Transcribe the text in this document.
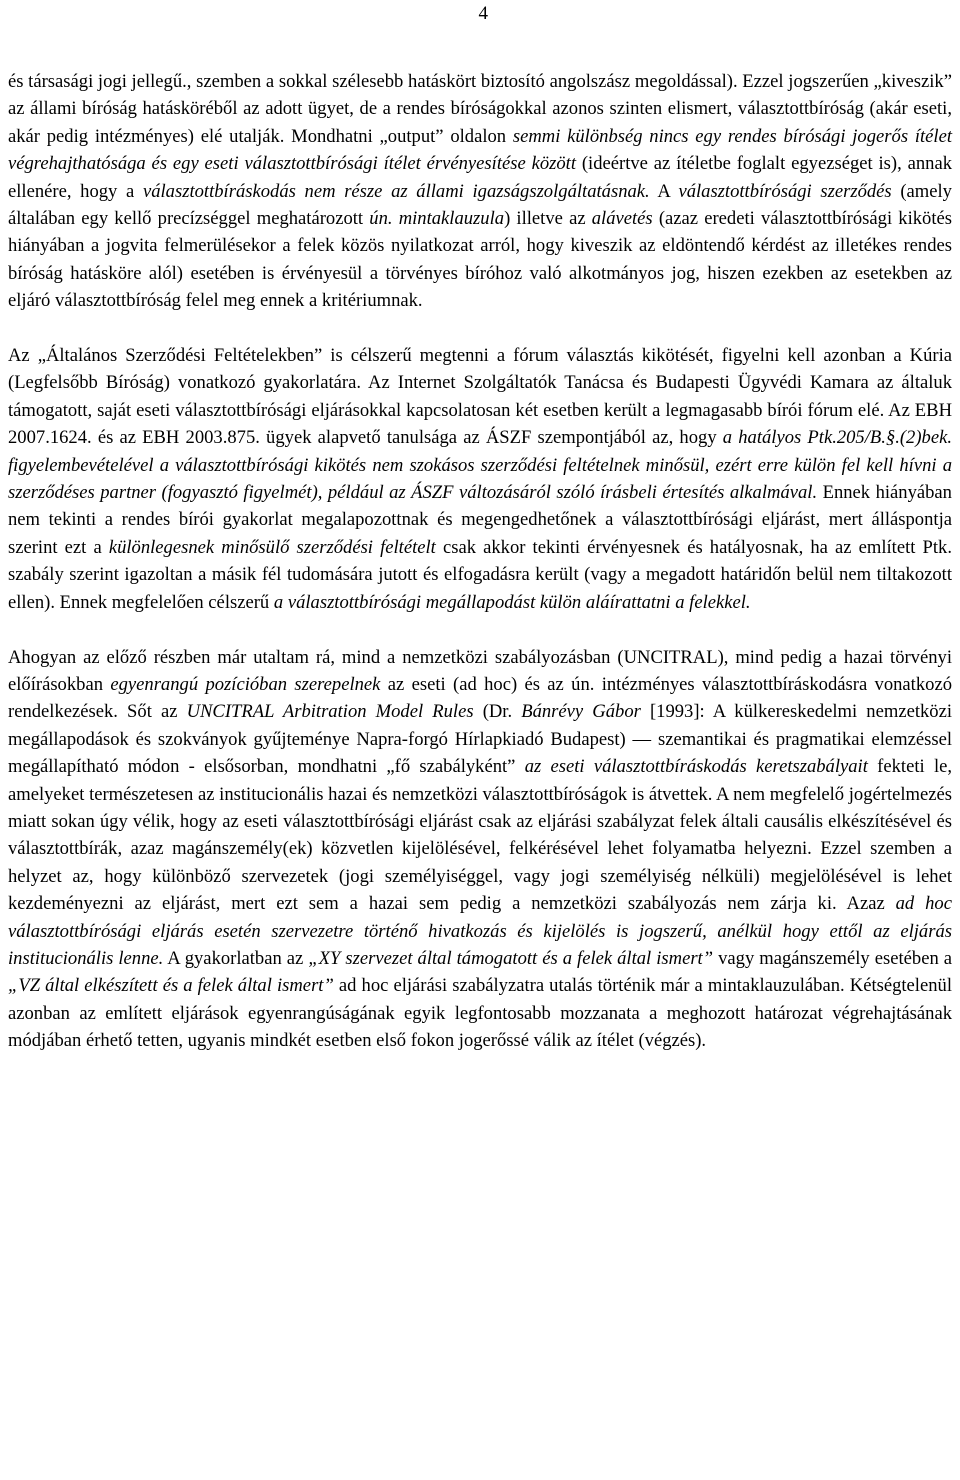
4

és társasági jogi jellegű., szemben a sokkal szélesebb hatáskört biztosító angolszász megoldással). Ezzel jogszerűen „kiveszik” az állami bíróság hatásköréből az adott ügyet, de a rendes bíróságokkal azonos szinten elismert, választottbíróság (akár eseti, akár pedig intézményes) elé utalják. Mondhatni „output” oldalon semmi különbség nincs egy rendes bírósági jogerős ítélet végrehajthatósága és egy eseti választottbírósági ítélet érvényesítése között (ideértve az ítéletbe foglalt egyezséget is), annak ellenére, hogy a választottbíráskodás nem része az állami igazságszolgáltatásnak. A választottbírósági szerződés (amely általában egy kellő precízséggel meghatározott ún. mintaklauzula) illetve az alávetés (azaz eredeti választottbírósági kikötés hiányában a jogvita felmerülésekor a felek közös nyilatkozat arról, hogy kiveszik az eldöntendő kérdést az illetékes rendes bíróság hatásköre alól) esetében is érvényesül a törvényes bíróhoz való alkotmányos jog, hiszen ezekben az esetekben az eljáró választottbíróság felel meg ennek a kritériumnak.

Az „Általános Szerződési Feltételekben” is célszerű megtenni a fórum választás kikötését, figyelni kell azonban a Kúria (Legfelsőbb Bíróság) vonatkozó gyakorlatára. Az Internet Szolgáltatók Tanácsa és Budapesti Ügyvédi Kamara az általuk támogatott, saját eseti választottbírósági eljárásokkal kapcsolatosan két esetben került a legmagasabb bírói fórum elé. Az EBH 2007.1624. és az EBH 2003.875. ügyek alapvető tanulsága az ÁSZF szempontjából az, hogy a hatályos Ptk.205/B.§.(2)bek. figyelembevételével a választottbírósági kikötés nem szokásos szerződési feltételnek minősül, ezért erre külön fel kell hívni a szerződéses partner (fogyasztó figyelmét), például az ÁSZF változásáról szóló írásbeli értesítés alkalmával. Ennek hiányában nem tekinti a rendes bírói gyakorlat megalapozottnak és megengedhetőnek a választottbírósági eljárást, mert álláspontja szerint ezt a különlegesnek minősülő szerződési feltételt csak akkor tekinti érvényesnek és hatályosnak, ha az említett Ptk. szabály szerint igazoltan a másik fél tudomására jutott és elfogadásra került (vagy a megadott határidőn belül nem tiltakozott ellen). Ennek megfelelően célszerű a választottbírósági megállapodást külön aláírattatni a felekkel.

Ahogyan az előző részben már utaltam rá, mind a nemzetközi szabályozásban (UNCITRAL), mind pedig a hazai törvényi előírásokban egyenrangú pozícióban szerepelnek az eseti (ad hoc) és az ún. intézményes választottbíráskodásra vonatkozó rendelkezések. Sőt az UNCITRAL Arbitration Model Rules (Dr. Bánrévy Gábor [1993]: A külkereskedelmi nemzetközi megállapodások és szokványok gyűjteménye Napra-forgó Hírlapkiadó Budapest) — szemantikai és pragmatikai elemzéssel megállapítható módon - elsősorban, mondhatni „fő szabályként” az eseti választottbíráskodás keretszabályait fekteti le, amelyeket természetesen az institucionális hazai és nemzetközi választottbíróságok is átvettek. A nem megfelelő jogértelmezés miatt sokan úgy vélik, hogy az eseti választottbírósági eljárást csak az eljárási szabályzat felek általi causális elkészítésével és választottbírák, azaz magánszemély(ek) közvetlen kijelölésével, felkérésével lehet folyamatba helyezni. Ezzel szemben a helyzet az, hogy különböző szervezetek (jogi személyiséggel, vagy jogi személyiség nélküli) megjelölésével is lehet kezdeményezni az eljárást, mert ezt sem a hazai sem pedig a nemzetközi szabályozás nem zárja ki. Azaz ad hoc választottbírósági eljárás esetén szervezetre történő hivatkozás és kijelölés is jogszerű, anélkül hogy ettől az eljárás institucionális lenne. A gyakorlatban az „XY szervezet által támogatott és a felek által ismert” vagy magánszemély esetében a „VZ által elkészített és a felek által ismert” ad hoc eljárási szabályzatra utalás történik már a mintaklauzulában. Kétségtelenül azonban az említett eljárások egyenrangúságának egyik legfontosabb mozzanata a meghozott határozat végrehajtásának módjában érhető tetten, ugyanis mindkét esetben első fokon jogerőssé válik az ítélet (végzés).
